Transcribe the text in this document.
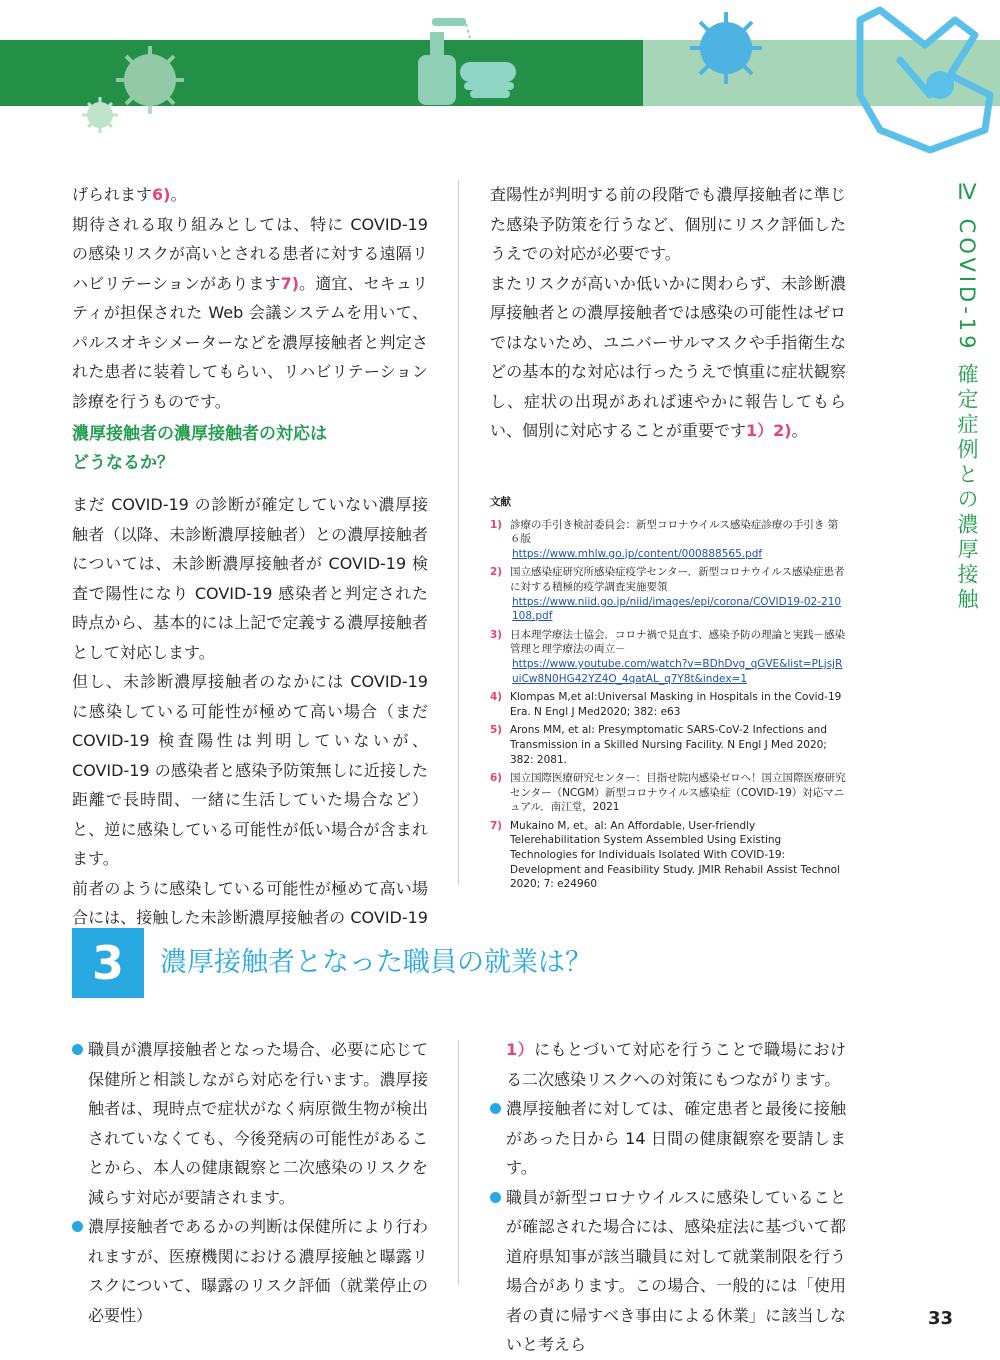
Ⅳ COVID-19 確定症例との濃厚接触

げられます6)。

期待される取り組みとしては、特に COVID-19 の感染リスクが高いとされる患者に対する遠隔リハビリテーションがあります7)。適宜、セキュリティが担保された Web 会議システムを用いて、パルスオキシメーターなどを濃厚接触者と判定された患者に装着してもらい、リハビリテーション診療を行うものです。

濃厚接触者の濃厚接触者の対応は
どうなるか？

まだ COVID-19 の診断が確定していない濃厚接触者（以降、未診断濃厚接触者）との濃厚接触者については、未診断濃厚接触者が COVID-19 検査で陽性になり COVID-19 感染者と判定された時点から、基本的には上記で定義する濃厚接触者として対応します。

但し、未診断濃厚接触者のなかには COVID-19 に感染している可能性が極めて高い場合（まだ COVID-19 検査陽性は判明していないが、COVID-19 の感染者と感染予防策無しに近接した距離で長時間、一緒に生活していた場合など）と、逆に感染している可能性が低い場合が含まれます。

前者のように感染している可能性が極めて高い場合には、接触した未診断濃厚接触者の COVID-19

査陽性が判明する前の段階でも濃厚接触者に準じた感染予防策を行うなど、個別にリスク評価したうえでの対応が必要です。

またリスクが高いか低いかに関わらず、未診断濃厚接触者との濃厚接触者では感染の可能性はゼロではないため、ユニバーサルマスクや手指衛生などの基本的な対応は行ったうえで慎重に症状観察し、症状の出現があれば速やかに報告してもらい、個別に対応することが重要です1）2)。

文献
1) 診療の手引き検討委員会：新型コロナウイルス感染症診療の手引き 第６版
https://www.mhlw.go.jp/content/000888565.pdf
2) 国立感染症研究所感染症疫学センター．新型コロナウイルス感染症患者に対する積極的疫学調査実施要領
https://www.niid.go.jp/niid/images/epi/corona/COVID19-02-210108.pdf
3) 日本理学療法士協会．コロナ禍で見直す、感染予防の理論と実践－感染管理と理学療法の両立－
https://www.youtube.com/watch?v=BDhDvg_qGVE&list=PLjsjRuiCw8N0HG42YZ4O_4qatAL_q7Y8t&index=1
4) Klompas M,et al:Universal Masking in Hospitals in the Covid-19 Era. N Engl J Med2020; 382: e63
5) Arons MM, et al: Presymptomatic SARS-CoV-2 Infections and Transmission in a Skilled Nursing Facility. N Engl J Med 2020; 382: 2081.
6) 国立国際医療研究センター：目指せ院内感染ゼロへ！国立国際医療研究センター（NCGM）新型コロナウイルス感染症（COVID-19）対応マニュアル．南江堂，2021
7) Mukaino M, et、al: An Affordable, User-friendly Telerehabilitation System Assembled Using Existing Technologies for Individuals Isolated With COVID-19: Development and Feasibility Study. JMIR Rehabil Assist Technol 2020; 7: e24960
3	濃厚接触者となった職員の就業は？
職員が濃厚接触者となった場合、必要に応じて保健所と相談しながら対応を行います。濃厚接触者は、現時点で症状がなく病原微生物が検出されていなくても、今後発病の可能性があることから、本人の健康観察と二次感染のリスクを減らす対応が要請されます。
濃厚接触者であるかの判断は保健所により行われますが、医療機関における濃厚接触と曝露リスクについて、曝露のリスク評価（就業停止の必要性）
1）にもとづいて対応を行うことで職場における二次感染リスクへの対策にもつながります。
濃厚接触者に対しては、確定患者と最後に接触があった日から 14 日間の健康観察を要請します。
職員が新型コロナウイルスに感染していることが確認された場合には、感染症法に基づいて都道府県知事が該当職員に対して就業制限を行う場合があります。この場合、一般的には「使用者の責に帰すべき事由による休業」に該当しないと考えら
33
